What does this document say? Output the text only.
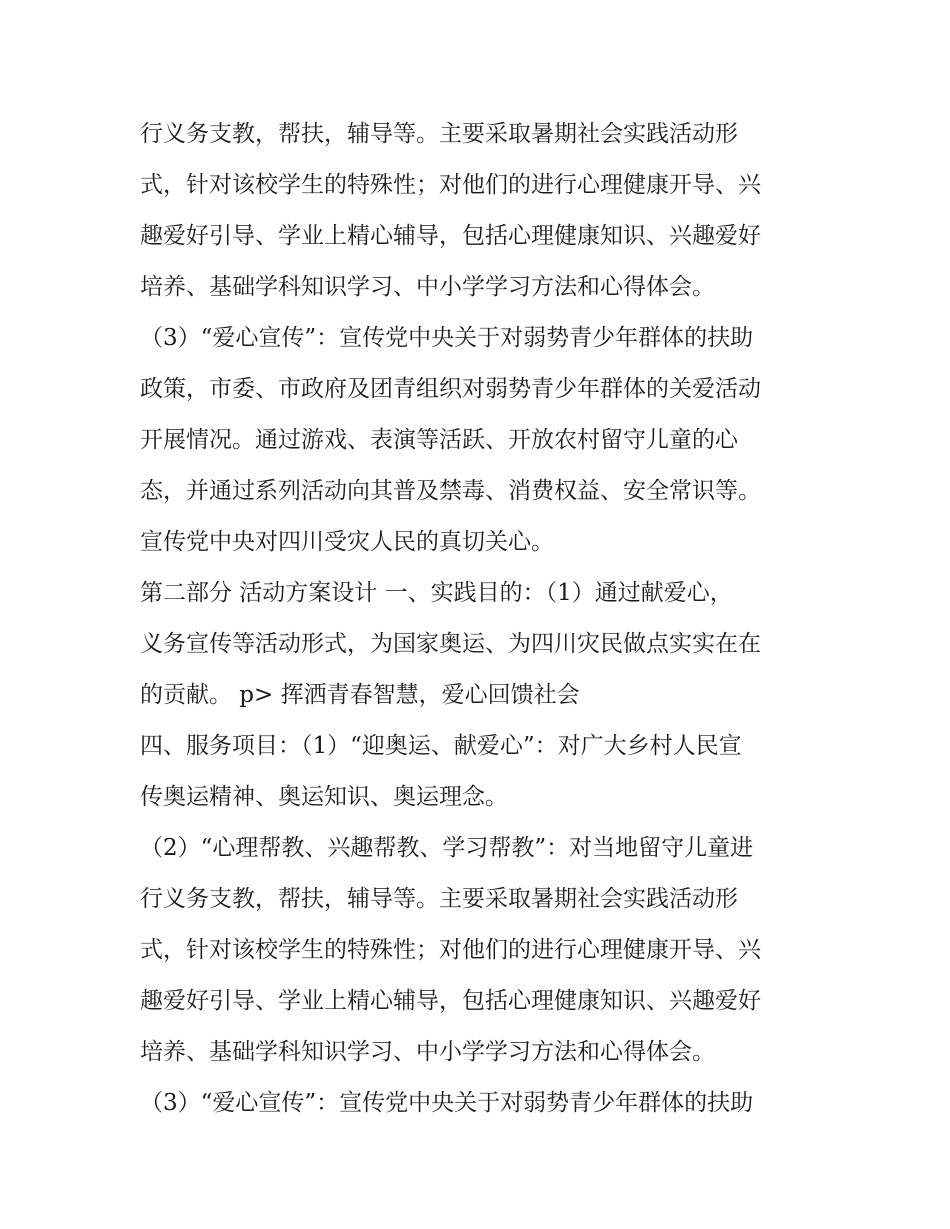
行义务支教，帮扶，辅导等。主要采取暑期社会实践活动形
式，针对该校学生的特殊性；对他们的进行心理健康开导、兴
趣爱好引导、学业上精心辅导，包括心理健康知识、兴趣爱好
培养、基础学科知识学习、中小学学习方法和心得体会。
（3）“爱心宣传”：宣传党中央关于对弱势青少年群体的扶助
政策，市委、市政府及团青组织对弱势青少年群体的关爱活动
开展情况。通过游戏、表演等活跃、开放农村留守儿童的心
态，并通过系列活动向其普及禁毒、消费权益、安全常识等。
宣传党中央对四川受灾人民的真切关心。
第二部分 活动方案设计 一、实践目的：（1）通过献爱心，
义务宣传等活动形式，为国家奥运、为四川灾民做点实实在在
的贡献。 p> 挥洒青春智慧，爱心回馈社会
四、服务项目：（1）“迎奥运、献爱心”：对广大乡村人民宣
传奥运精神、奥运知识、奥运理念。
（2）“心理帮教、兴趣帮教、学习帮教”：对当地留守儿童进
行义务支教，帮扶，辅导等。主要采取暑期社会实践活动形
式，针对该校学生的特殊性；对他们的进行心理健康开导、兴
趣爱好引导、学业上精心辅导，包括心理健康知识、兴趣爱好
培养、基础学科知识学习、中小学学习方法和心得体会。
（3）“爱心宣传”：宣传党中央关于对弱势青少年群体的扶助
